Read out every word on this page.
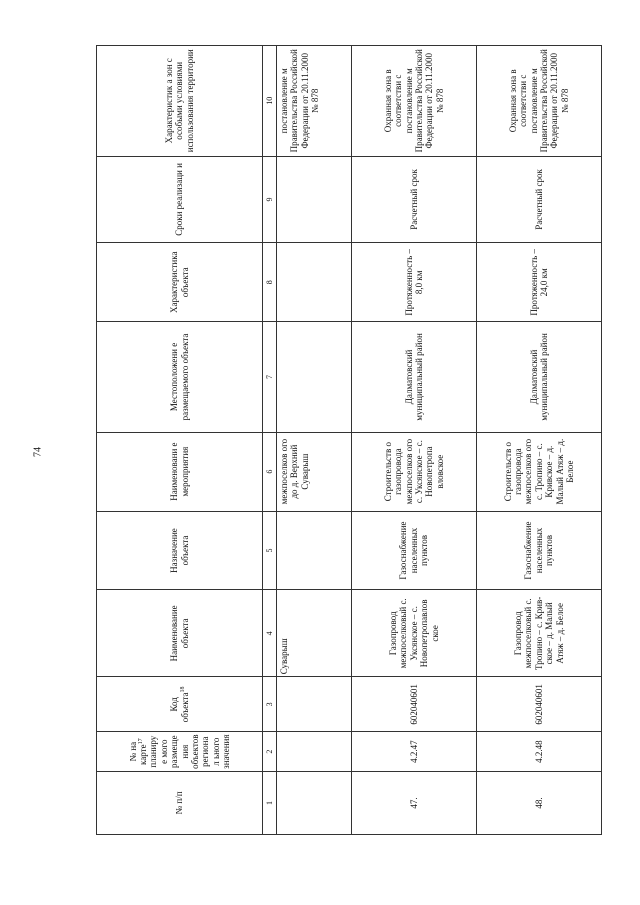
74
№ п/п	№ на карте$^{17}$ планируе мого размеще ния объектов регионал ьного значения	Код объекта$^{18}$	Наименование объекта	Назначение объекта	Наименовани е мероприятия	Местоположени е размещаемого объекта	Характеристика объекта	Сроки реализаци и	Характеристик а зон с особыми условиями использования территории
1	2	3	4	5	6	7	8	9	10
			Суварыш		межпоселков ого до д. Верхний Суварыш				постановление м Правительства Российской Федерации от 20.11.2000 № 878
47.	4.2.47	602040601	Газопровод межпоселковый с. Уксянское – с. Новопетропавлов ское	Газоснабжение населенных пунктов	Строительств о газопровода межпоселков ого с. Уксянское – с. Новопетропа вловское	Далматовский муниципальный район	Протяженность – 8,0 км	Расчетный срок	Охранная зона в соответстви с постановление м Правительства Российской Федерации от 20.11.2000 № 878
48.	4.2.48	602040601	Газопровод межпоселковый с. Тропино – с. Кривское – д. Малый Атяж – д. Белое	Газоснабжение населенных пунктов	Строительств о газопровода межпоселков ого с. Тропино – с. Кривское – д. Малый Атяж – д. Белое	Далматовский муниципальный район	Протяженность – 24,0 км	Расчетный срок	Охранная зона в соответстви с постановление м Правительства Российской Федерации от 20.11.2000 № 878
